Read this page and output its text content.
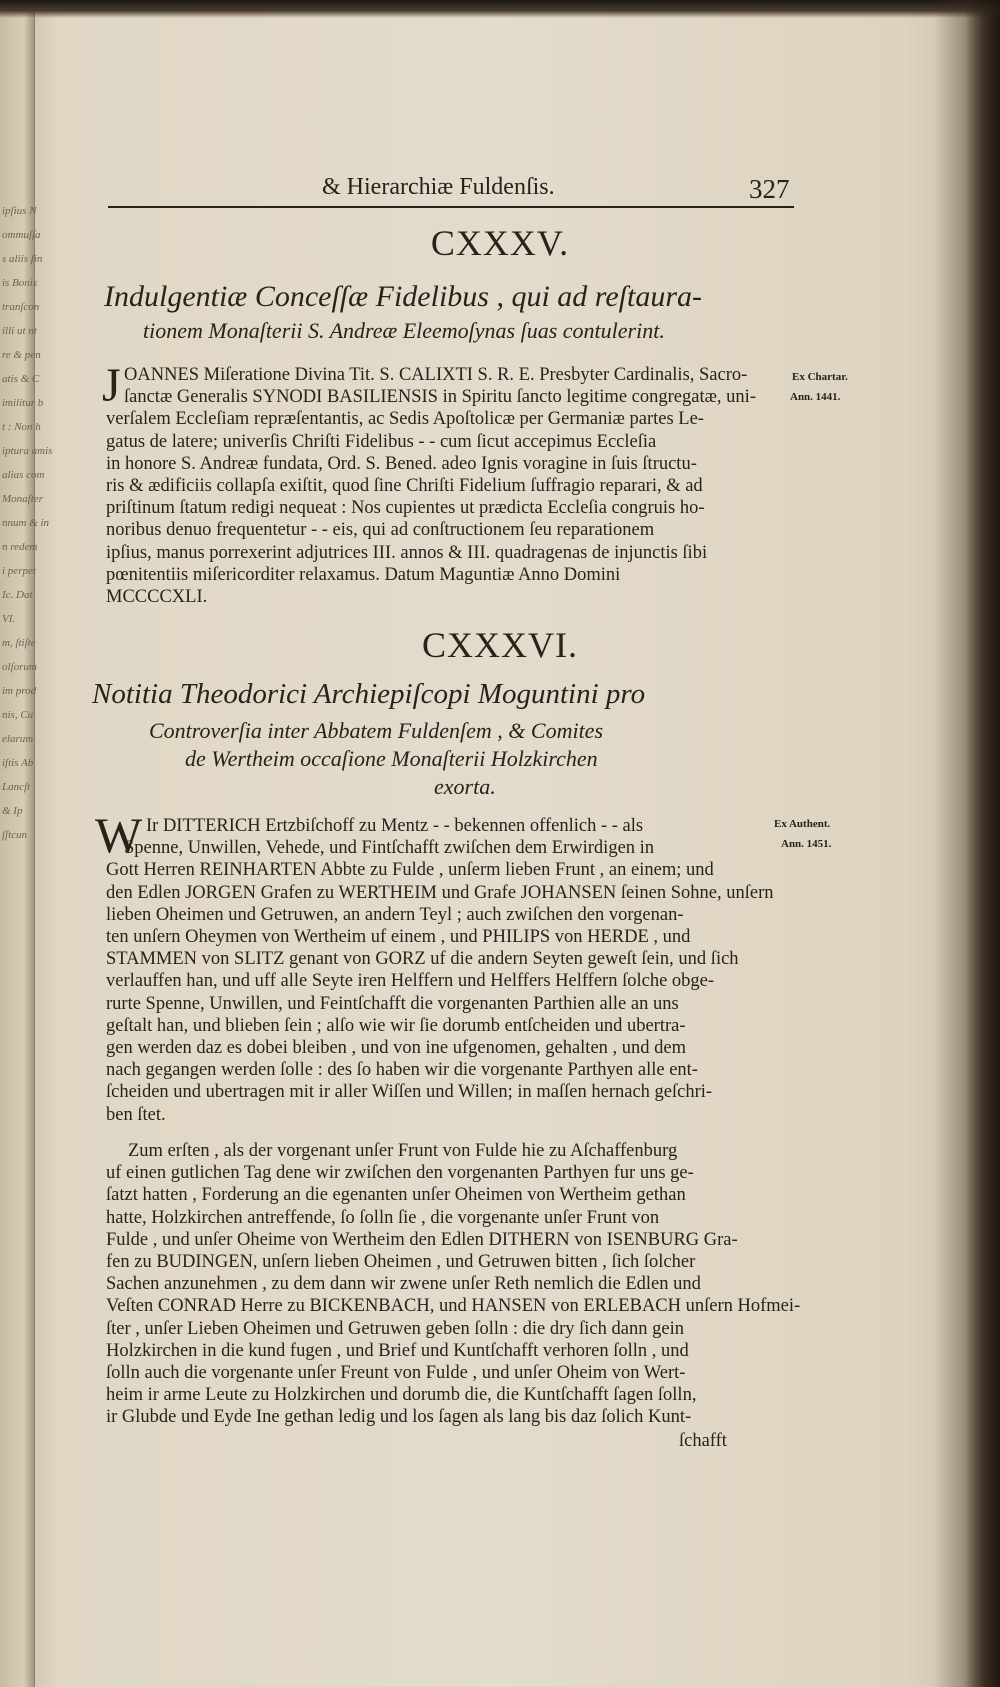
ipſius N
ommuſſa
s aliis ſin
is Bonis
tranſcon
illi ut nt
re & pen
atis & C
imilitur b
t : Non h
iptura amis
alias com
Monaſter
nnum & in
n redem
i perpet
Ic. Dat
VI.
m, ſtiſte
olſorum
im prod
nis, Cu
elarum
iſtis Ab
Lancſt
& Ip
ſſtcun
& Hierarchiæ Fuldenſis.	327
CXXXV.
Indulgentiæ Conceſſæ Fidelibus , qui ad reſtaura-
tionem Monaſterii S. Andreæ Eleemoſynas ſuas contulerint.
J OANNES Miſeratione Divina Tit. S. CALIXTI S. R. E. Presbyter Cardinalis, Sacro-
ſanctæ Generalis SYNODI BASILIENSIS in Spiritu ſancto legitime congregatæ, uni-
verſalem Eccleſiam repræſentantis, ac Sedis Apoſtolicæ per Germaniæ partes Le-
gatus de latere; univerſis Chriſti Fidelibus - - cum ſicut accepimus Eccleſia
in honore S. Andreæ fundata, Ord. S. Bened. adeo Ignis voragine in ſuis ſtructu-
ris & ædificiis collapſa exiſtit, quod ſine Chriſti Fidelium ſuffragio reparari, & ad
priſtinum ſtatum redigi nequeat : Nos cupientes ut prædicta Eccleſia congruis ho-
noribus denuo frequentetur - - eis, qui ad conſtructionem ſeu reparationem
ipſius, manus porrexerint adjutrices III. annos & III. quadragenas de injunctis ſibi
pœnitentiis miſericorditer relaxamus. Datum Maguntiæ Anno Domini
MCCCCXLI.
Ex Chartar.
Ann. 1441.
CXXXVI.
Notitia Theodorici Archiepiſcopi Moguntini pro
Controverſia inter Abbatem Fuldenſem , & Comites
de Wertheim occaſione Monaſterii Holzkirchen
exorta.
W Ir DITTERICH Ertzbiſchoff zu Mentz - - bekennen offenlich - - als
Spenne, Unwillen, Vehede, und Fintſchafft zwiſchen dem Erwirdigen in
Gott Herren REINHARTEN Abbte zu Fulde , unſerm lieben Frunt , an einem; und
den Edlen JORGEN Grafen zu WERTHEIM und Grafe JOHANSEN ſeinen Sohne, unſern
lieben Oheimen und Getruwen, an andern Teyl ; auch zwiſchen den vorgenan-
ten unſern Oheymen von Wertheim uf einem , und PHILIPS von HERDE , und
STAMMEN von SLITZ genant von GORZ uf die andern Seyten geweſt ſein, und ſich
verlauffen han, und uff alle Seyte iren Helffern und Helffers Helffern ſolche obge-
rurte Spenne, Unwillen, und Feintſchafft die vorgenanten Parthien alle an uns
geſtalt han, und blieben ſein ; alſo wie wir ſie dorumb entſcheiden und ubertra-
gen werden daz es dobei bleiben , und von ine ufgenomen, gehalten , und dem
nach gegangen werden ſolle : des ſo haben wir die vorgenante Parthyen alle ent-
ſcheiden und ubertragen mit ir aller Wiſſen und Willen; in maſſen hernach geſchri-
ben ſtet.
Ex Authent.
Ann. 1451.
Zum erſten , als der vorgenant unſer Frunt von Fulde hie zu Aſchaffenburg
uf einen gutlichen Tag dene wir zwiſchen den vorgenanten Parthyen fur uns ge-
ſatzt hatten , Forderung an die egenanten unſer Oheimen von Wertheim gethan
hatte, Holzkirchen antreffende, ſo ſolln ſie , die vorgenante unſer Frunt von
Fulde , und unſer Oheime von Wertheim den Edlen DITHERN von ISENBURG Gra-
fen zu BUDINGEN, unſern lieben Oheimen , und Getruwen bitten , ſich ſolcher
Sachen anzunehmen , zu dem dann wir zwene unſer Reth nemlich die Edlen und
Veſten CONRAD Herre zu BICKENBACH, und HANSEN von ERLEBACH unſern Hofmei-
ſter , unſer Lieben Oheimen und Getruwen geben ſolln : die dry ſich dann gein
Holzkirchen in die kund fugen , und Brief und Kuntſchafft verhoren ſolln , und
ſolln auch die vorgenante unſer Freunt von Fulde , und unſer Oheim von Wert-
heim ir arme Leute zu Holzkirchen und dorumb die, die Kuntſchafft ſagen ſolln,
ir Glubde und Eyde Ine gethan ledig und los ſagen als lang bis daz ſolich Kunt-
ſchafft
